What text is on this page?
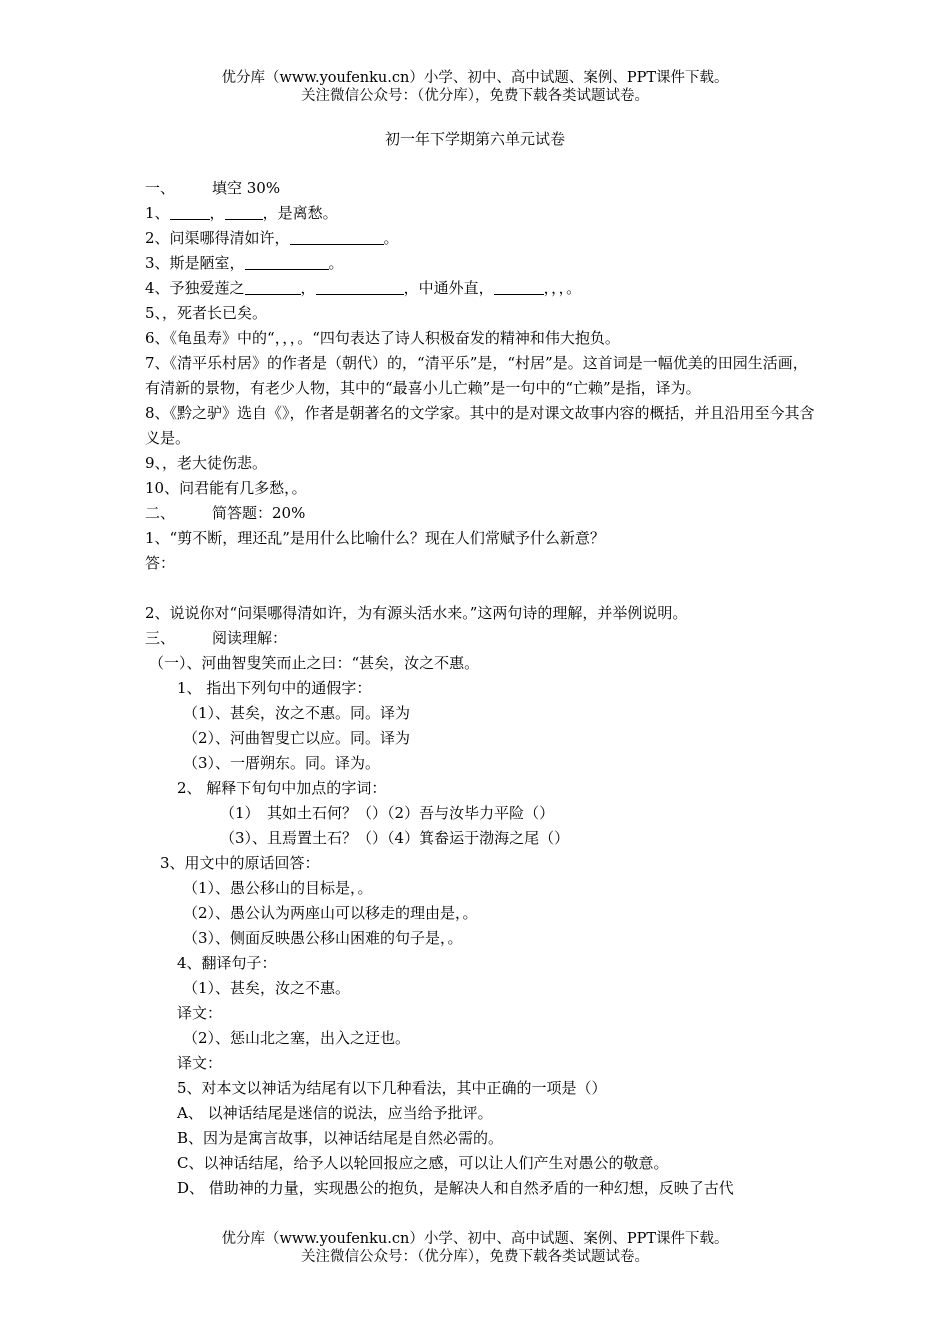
优分库（www.youfenku.cn）小学、初中、高中试题、案例、PPT课件下载。
关注微信公众号：（优分库），免费下载各类试题试卷。
初一年下学期第六单元试卷
一、 填空 30%
1、	，	，是离愁。
2、问渠哪得清如许，	。
3、斯是陋室，	。
4、予独爱莲之	，	，中通外直，	，，，。
5、，死者长已矣。
6、《龟虽寿》中的“，，，。“四句表达了诗人积极奋发的精神和伟大抱负。
7、《清平乐村居》的作者是（朝代）的，“清平乐”是，“村居”是。这首词是一幅优美的田园生活画，有清新的景物，有老少人物，其中的“最喜小儿亡赖”是一句中的“亡赖”是指，译为。
8、《黔之驴》选自《》，作者是朝著名的文学家。其中的是对课文故事内容的概括，并且沿用至今其含义是。
9、，老大徒伤悲。
10、问君能有几多愁，。
二、 简答题：20%
1、“剪不断，理还乱”是用什么比喻什么？现在人们常赋予什么新意？
答：
2、说说你对“问渠哪得清如许，为有源头活水来。”这两句诗的理解，并举例说明。
三、 阅读理解：
（一）、河曲智叟笑而止之曰：“甚矣，汝之不惠。
1、 指出下列句中的通假字：
（1）、甚矣，汝之不惠。同。译为
（2）、河曲智叟亡以应。同。译为
（3）、一厝朔东。同。译为。
2、 解释下旬句中加点的字词：
（1）　其如土石何？（）（2）吾与汝毕力平险（）
（3）、且焉置土石？（）（4）箕畚运于渤海之尾（）
3、用文中的原话回答：
（1）、愚公移山的目标是，。
（2）、愚公认为两座山可以移走的理由是，。
（3）、侧面反映愚公移山困难的句子是，。
4、翻译句子：
（1）、甚矣，汝之不惠。
译文：
（2）、惩山北之塞，出入之迂也。
译文：
5、对本文以神话为结尾有以下几种看法，其中正确的一项是（）
A、 以神话结尾是迷信的说法，应当给予批评。
B、因为是寓言故事，以神话结尾是自然必需的。
C、以神话结尾，给予人以轮回报应之感，可以让人们产生对愚公的敬意。
D、 借助神的力量，实现愚公的抱负，是解决人和自然矛盾的一种幻想，反映了古代
优分库（www.youfenku.cn）小学、初中、高中试题、案例、PPT课件下载。
关注微信公众号：（优分库），免费下载各类试题试卷。
